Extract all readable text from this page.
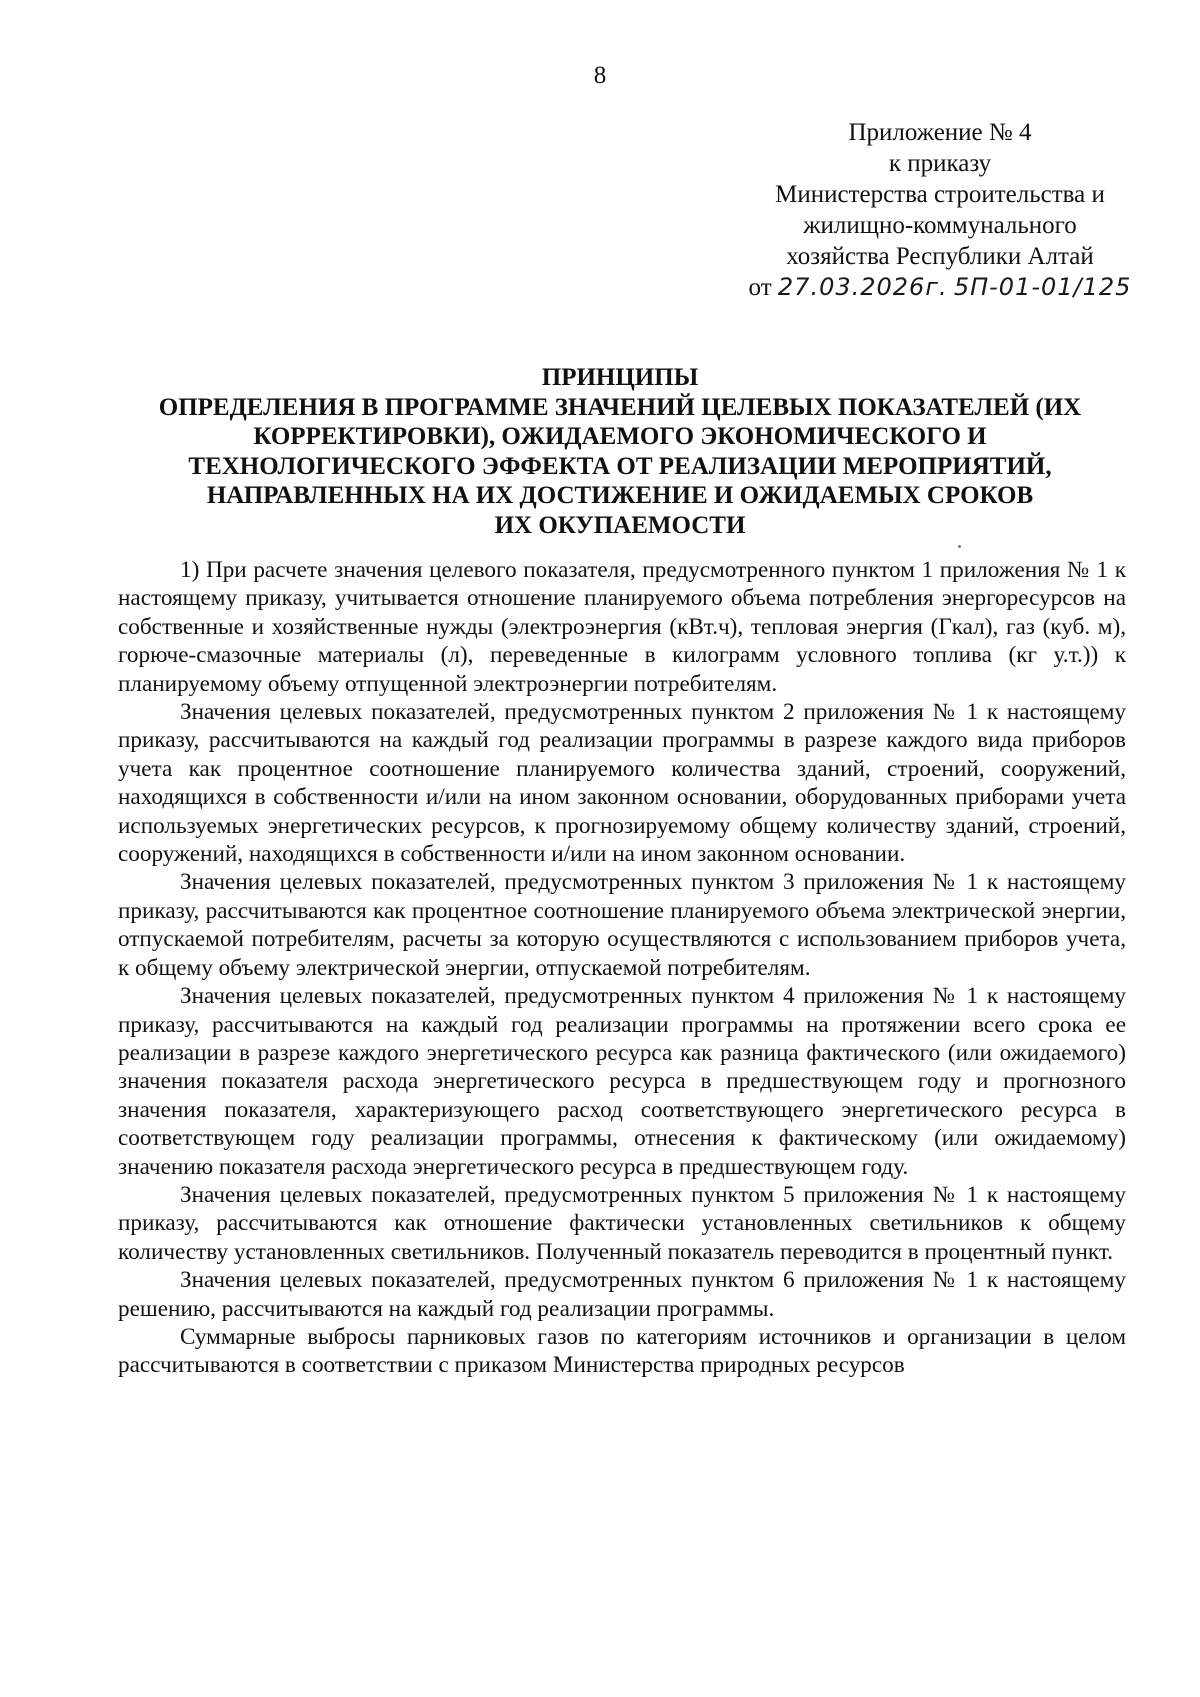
8
Приложение № 4
к приказу
Министерства строительства и
жилищно-коммунального
хозяйства Республики Алтай
от 27.03.2026г. 5П-01-01/125
ПРИНЦИПЫ
ОПРЕДЕЛЕНИЯ В ПРОГРАММЕ ЗНАЧЕНИЙ ЦЕЛЕВЫХ ПОКАЗАТЕЛЕЙ (ИХ
КОРРЕКТИРОВКИ), ОЖИДАЕМОГО ЭКОНОМИЧЕСКОГО И
ТЕХНОЛОГИЧЕСКОГО ЭФФЕКТА ОТ РЕАЛИЗАЦИИ МЕРОПРИЯТИЙ,
НАПРАВЛЕННЫХ НА ИХ ДОСТИЖЕНИЕ И ОЖИДАЕМЫХ СРОКОВ
ИХ ОКУПАЕМОСТИ

1) При расчете значения целевого показателя, предусмотренного пунктом 1 приложения № 1 к настоящему приказу, учитывается отношение планируемого объема потребления энергоресурсов на собственные и хозяйственные нужды (электроэнергия (кВт.ч), тепловая энергия (Гкал), газ (куб. м), горюче-смазочные материалы (л), переведенные в килограмм условного топлива (кг у.т.)) к планируемому объему отпущенной электроэнергии потребителям.

Значения целевых показателей, предусмотренных пунктом 2 приложения № 1 к настоящему приказу, рассчитываются на каждый год реализации программы в разрезе каждого вида приборов учета как процентное соотношение планируемого количества зданий, строений, сооружений, находящихся в собственности и/или на ином законном основании, оборудованных приборами учета используемых энергетических ресурсов, к прогнозируемому общему количеству зданий, строений, сооружений, находящихся в собственности и/или на ином законном основании.

Значения целевых показателей, предусмотренных пунктом 3 приложения № 1 к настоящему приказу, рассчитываются как процентное соотношение планируемого объема электрической энергии, отпускаемой потребителям, расчеты за которую осуществляются с использованием приборов учета, к общему объему электрической энергии, отпускаемой потребителям.

Значения целевых показателей, предусмотренных пунктом 4 приложения № 1 к настоящему приказу, рассчитываются на каждый год реализации программы на протяжении всего срока ее реализации в разрезе каждого энергетического ресурса как разница фактического (или ожидаемого) значения показателя расхода энергетического ресурса в предшествующем году и прогнозного значения показателя, характеризующего расход соответствующего энергетического ресурса в соответствующем году реализации программы, отнесения к фактическому (или ожидаемому) значению показателя расхода энергетического ресурса в предшествующем году.

Значения целевых показателей, предусмотренных пунктом 5 приложения № 1 к настоящему приказу, рассчитываются как отношение фактически установленных светильников к общему количеству установленных светильников. Полученный показатель переводится в процентный пункт.

Значения целевых показателей, предусмотренных пунктом 6 приложения № 1 к настоящему решению, рассчитываются на каждый год реализации программы.

Суммарные выбросы парниковых газов по категориям источников и организации в целом рассчитываются в соответствии с приказом Министерства природных ресурсов
